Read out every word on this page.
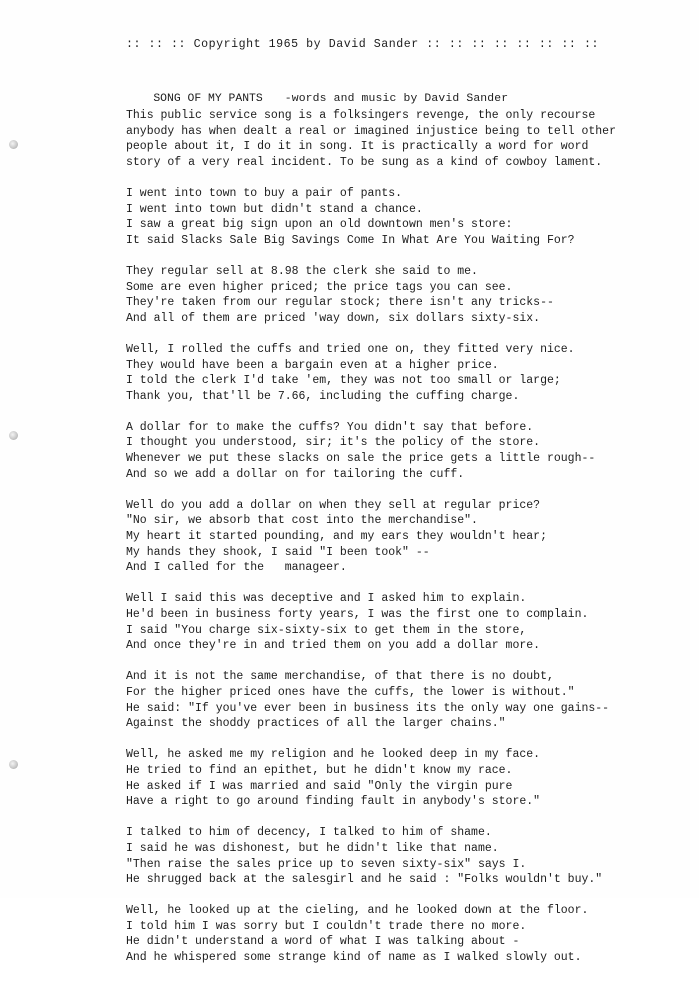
:: :: :: Copyright 1965 by David Sander :: :: :: :: :: :: :: ::

SONG OF MY PANTS -words and music by David Sander

This public service song is a folksingers revenge, the only recourse
anybody has when dealt a real or imagined injustice being to tell other
people about it, I do it in song. It is practically a word for word
story of a very real incident. To be sung as a kind of cowboy lament.
I went into town to buy a pair of pants.
I went into town but didn't stand a chance.
I saw a great big sign upon an old downtown men's store:
It said Slacks Sale Big Savings Come In What Are You Waiting For?
They regular sell at 8.98 the clerk she said to me.
Some are even higher priced; the price tags you can see.
They're taken from our regular stock; there isn't any tricks--
And all of them are priced 'way down, six dollars sixty-six.
Well, I rolled the cuffs and tried one on, they fitted very nice.
They would have been a bargain even at a higher price.
I told the clerk I'd take 'em, they was not too small or large;
Thank you, that'll be 7.66, including the cuffing charge.
A dollar for to make the cuffs? You didn't say that before.
I thought you understood, sir; it's the policy of the store.
Whenever we put these slacks on sale the price gets a little rough--
And so we add a dollar on for tailoring the cuff.
Well do you add a dollar on when they sell at regular price?
"No sir, we absorb that cost into the merchandise".
My heart it started pounding, and my ears they wouldn't hear;
My hands they shook, I said "I been took" --
And I called for the   manageer.
Well I said this was deceptive and I asked him to explain.
He'd been in business forty years, I was the first one to complain.
I said "You charge six-sixty-six to get them in the store,
And once they're in and tried them on you add a dollar more.
And it is not the same merchandise, of that there is no doubt,
For the higher priced ones have the cuffs, the lower is without."
He said: "If you've ever been in business its the only way one gains--
Against the shoddy practices of all the larger chains."
Well, he asked me my religion and he looked deep in my face.
He tried to find an epithet, but he didn't know my race.
He asked if I was married and said "Only the virgin pure
Have a right to go around finding fault in anybody's store."
I talked to him of decency, I talked to him of shame.
I said he was dishonest, but he didn't like that name.
"Then raise the sales price up to seven sixty-six" says I.
He shrugged back at the salesgirl and he said : "Folks wouldn't buy."
Well, he looked up at the cieling, and he looked down at the floor.
I told him I was sorry but I couldn't trade there no more.
He didn't understand a word of what I was talking about -
And he whispered some strange kind of name as I walked slowly out.
